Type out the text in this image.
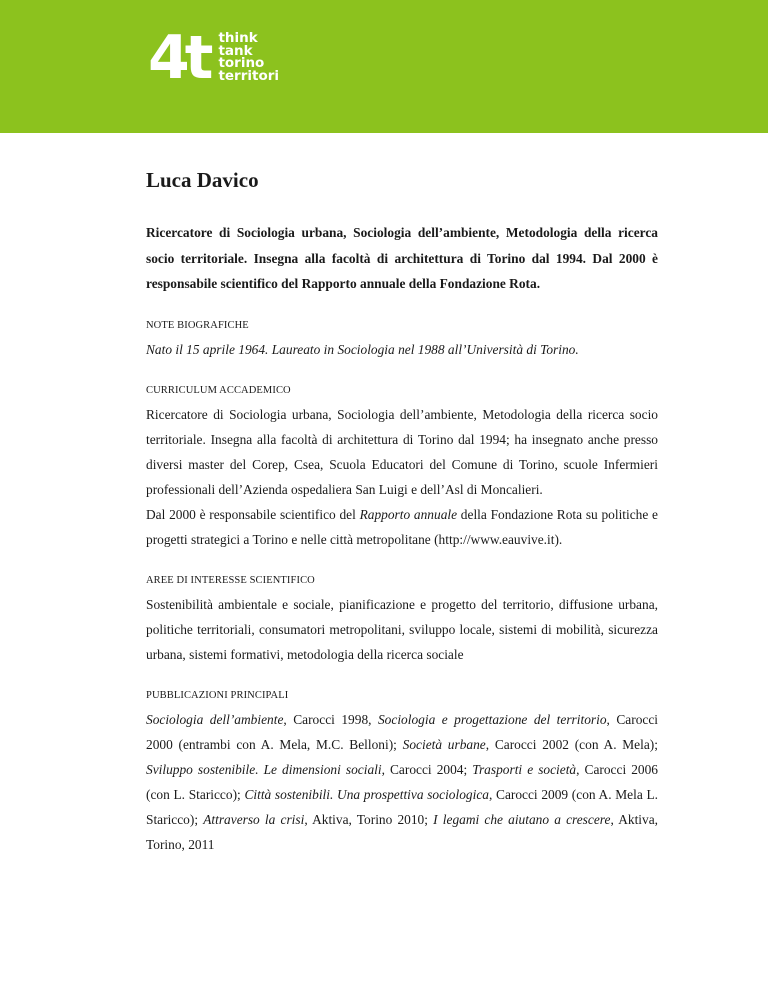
4t think
tank
torino
territori
Luca Davico
Ricercatore di Sociologia urbana, Sociologia dell’ambiente, Metodologia della ricerca socio territoriale. Insegna alla facoltà di architettura di Torino dal 1994. Dal 2000 è responsabile scientifico del Rapporto annuale della Fondazione Rota.
NOTE BIOGRAFICHE
Nato il 15 aprile 1964. Laureato in Sociologia nel 1988 all’Università di Torino.
CURRICULUM ACCADEMICO

Ricercatore di Sociologia urbana, Sociologia dell’ambiente, Metodologia della ricerca socio territoriale. Insegna alla facoltà di architettura di Torino dal 1994; ha insegnato anche presso diversi master del Corep, Csea, Scuola Educatori del Comune di Torino, scuole Infermieri professionali dell’Azienda ospedaliera San Luigi e dell’Asl di Moncalieri.

Dal 2000 è responsabile scientifico del Rapporto annuale della Fondazione Rota su politiche e progetti strategici a Torino e nelle città metropolitane (http://www.eauvive.it).

AREE DI INTERESSE SCIENTIFICO
Sostenibilità ambientale e sociale, pianificazione e progetto del territorio, diffusione urbana, politiche territoriali, consumatori metropolitani, sviluppo locale, sistemi di mobilità, sicurezza urbana, sistemi formativi, metodologia della ricerca sociale
PUBBLICAZIONI PRINCIPALI
Sociologia dell’ambiente, Carocci 1998, Sociologia e progettazione del territorio, Carocci 2000 (entrambi con A. Mela, M.C. Belloni); Società urbane, Carocci 2002 (con A. Mela); Sviluppo sostenibile. Le dimensioni sociali, Carocci 2004; Trasporti e società, Carocci 2006 (con L. Staricco); Città sostenibili. Una prospettiva sociologica, Carocci 2009 (con A. Mela L. Staricco); Attraverso la crisi, Aktiva, Torino 2010; I legami che aiutano a crescere, Aktiva, Torino, 2011
